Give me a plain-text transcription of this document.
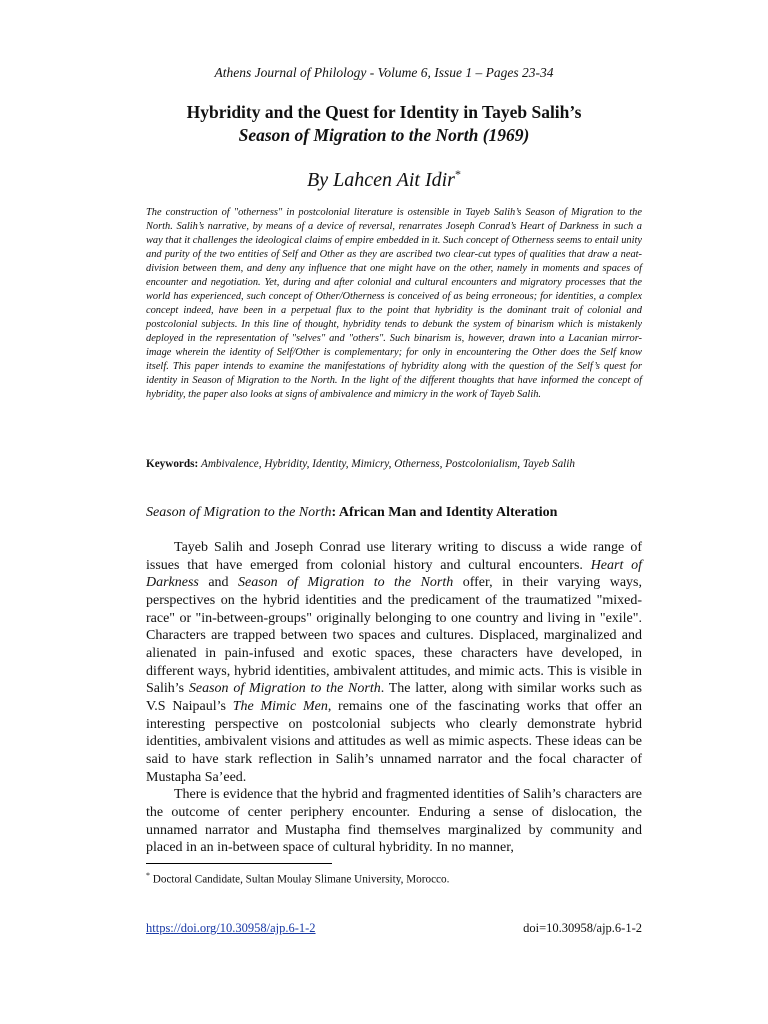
Athens Journal of Philology - Volume 6, Issue 1 – Pages 23-34
Hybridity and the Quest for Identity in Tayeb Salih’s
Season of Migration to the North (1969)
By Lahcen Ait Idir*

The construction of "otherness" in postcolonial literature is ostensible in Tayeb Salih’s Season of Migration to the North. Salih’s narrative, by means of a device of reversal, renarrates Joseph Conrad’s Heart of Darkness in such a way that it challenges the ideological claims of empire embedded in it. Such concept of Otherness seems to entail unity and purity of the two entities of Self and Other as they are ascribed two clear-cut types of qualities that draw a neat-division between them, and deny any influence that one might have on the other, namely in moments and spaces of encounter and negotiation. Yet, during and after colonial and cultural encounters and migratory processes that the world has experienced, such concept of Other/Otherness is conceived of as being erroneous; for identities, a complex concept indeed, have been in a perpetual flux to the point that hybridity is the dominant trait of colonial and postcolonial subjects. In this line of thought, hybridity tends to debunk the system of binarism which is mistakenly deployed in the representation of "selves" and "others". Such binarism is, however, drawn into a Lacanian mirror-image wherein the identity of Self/Other is complementary; for only in encountering the Other does the Self know itself. This paper intends to examine the manifestations of hybridity along with the question of the Self’s quest for identity in Season of Migration to the North. In the light of the different thoughts that have informed the concept of hybridity, the paper also looks at signs of ambivalence and mimicry in the work of Tayeb Salih.

Keywords: Ambivalence, Hybridity, Identity, Mimicry, Otherness, Postcolonialism, Tayeb Salih

Season of Migration to the North: African Man and Identity Alteration

Tayeb Salih and Joseph Conrad use literary writing to discuss a wide range of issues that have emerged from colonial history and cultural encounters. Heart of Darkness and Season of Migration to the North offer, in their varying ways, perspectives on the hybrid identities and the predicament of the traumatized "mixed-race" or "in-between-groups" originally belonging to one country and living in "exile". Characters are trapped between two spaces and cultures. Displaced, marginalized and alienated in pain-infused and exotic spaces, these characters have developed, in different ways, hybrid identities, ambivalent attitudes, and mimic acts. This is visible in Salih’s Season of Migration to the North. The latter, along with similar works such as V.S Naipaul’s The Mimic Men, remains one of the fascinating works that offer an interesting perspective on postcolonial subjects who clearly demonstrate hybrid identities, ambivalent visions and attitudes as well as mimic aspects. These ideas can be said to have stark reflection in Salih’s unnamed narrator and the focal character of Mustapha Sa’eed.

There is evidence that the hybrid and fragmented identities of Salih’s characters are the outcome of center periphery encounter. Enduring a sense of dislocation, the unnamed narrator and Mustapha find themselves marginalized by community and placed in an in-between space of cultural hybridity. In no manner,

* Doctoral Candidate, Sultan Moulay Slimane University, Morocco.

https://doi.org/10.30958/ajp.6-1-2	doi=10.30958/ajp.6-1-2
